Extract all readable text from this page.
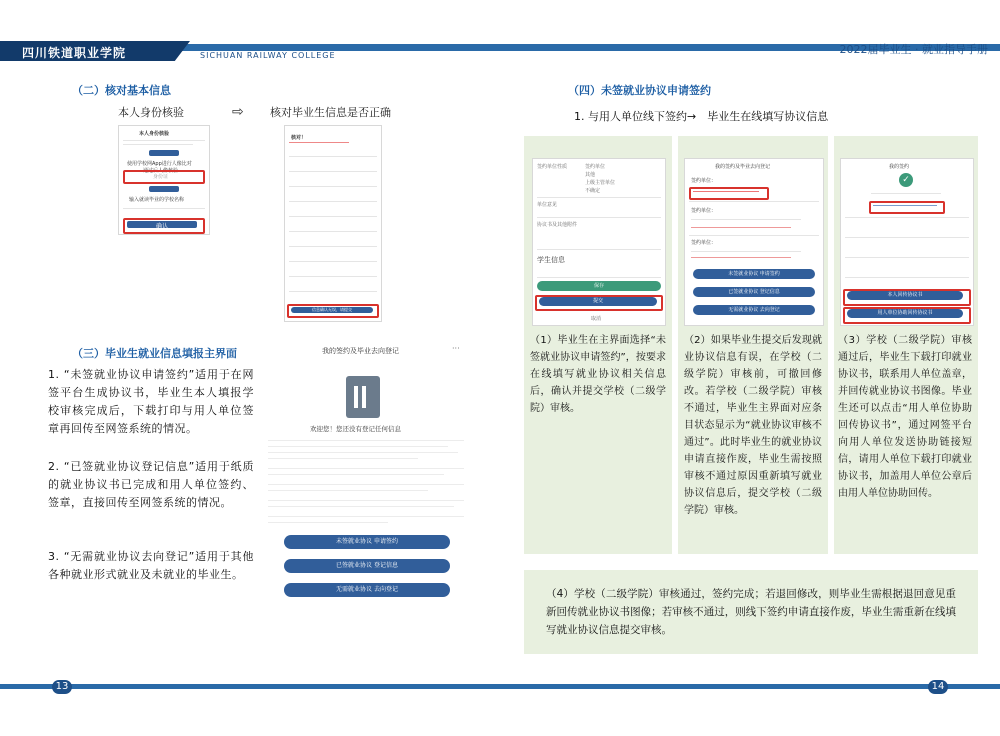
四川铁道职业学院	SICHUAN RAILWAY COLLEGE	2022届毕业生 · 就业指导手册
（二）核对基本信息
本人身份核验	⇨ 核对毕业生信息是否正确
本人身份核验
使用学校网App进行人像比对
通过后人像核验
身份证
输入就读毕业的学校名称
确认
核对！
信息确认无误，请提交
（三）毕业生就业信息填报主界面
1. “未签就业协议申请签约”适用于在网签平台生成协议书，毕业生本人填报学校审核完成后，下载打印与用人单位签章再回传至网签系统的情况。
2. “已签就业协议登记信息”适用于纸质的就业协议书已完成和用人单位签约、签章，直接回传至网签系统的情况。
3. “无需就业协议去向登记”适用于其他各种就业形式就业及未就业的毕业生。
我的签约及毕业去向登记	···
欢迎您！您还没有登记任何信息
未签就业协议 申请签约
已签就业协议 登记信息
无需就业协议 去向登记
（四）未签就业协议申请签约
1. 与用人单位线下签约→　毕业生在线填写协议信息
签约单位性质	签约单位
其他
上级主管单位
不确定
单位意见
协议书及其他附件
学生信息
保存
提交
取消
（1）毕业生在主界面选择“未签就业协议申请签约”，按要求在线填写就业协议相关信息后，确认并提交学校（二级学院）审核。
我的签约及毕业去向登记
签约单位：
签约单位：
签约单位：
未签就业协议 申请签约
已签就业协议 登记信息
无需就业协议 去向登记
（2）如果毕业生提交后发现就业协议信息有误，在学校（二级学院）审核前，可撤回修改。若学校（二级学院）审核不通过，毕业生主界面对应条目状态显示为“就业协议审核不通过”。此时毕业生的就业协议申请直接作废，毕业生需按照审核不通过原因重新填写就业协议信息后，提交学校（二级学院）审核。
我的签约
✓
本人回传协议书
用人单位协助回传协议书
（3）学校（二级学院）审核通过后，毕业生下载打印就业协议书，联系用人单位盖章，并回传就业协议书图像。毕业生还可以点击“用人单位协助回传协议书”，通过网签平台向用人单位发送协助链接短信，请用人单位下载打印就业协议书，加盖用人单位公章后由用人单位协助回传。
（4）学校（二级学院）审核通过，签约完成；若退回修改，则毕业生需根据退回意见重新回传就业协议书图像；若审核不通过，则线下签约申请直接作废，毕业生需重新在线填写就业协议信息提交审核。
13	14
